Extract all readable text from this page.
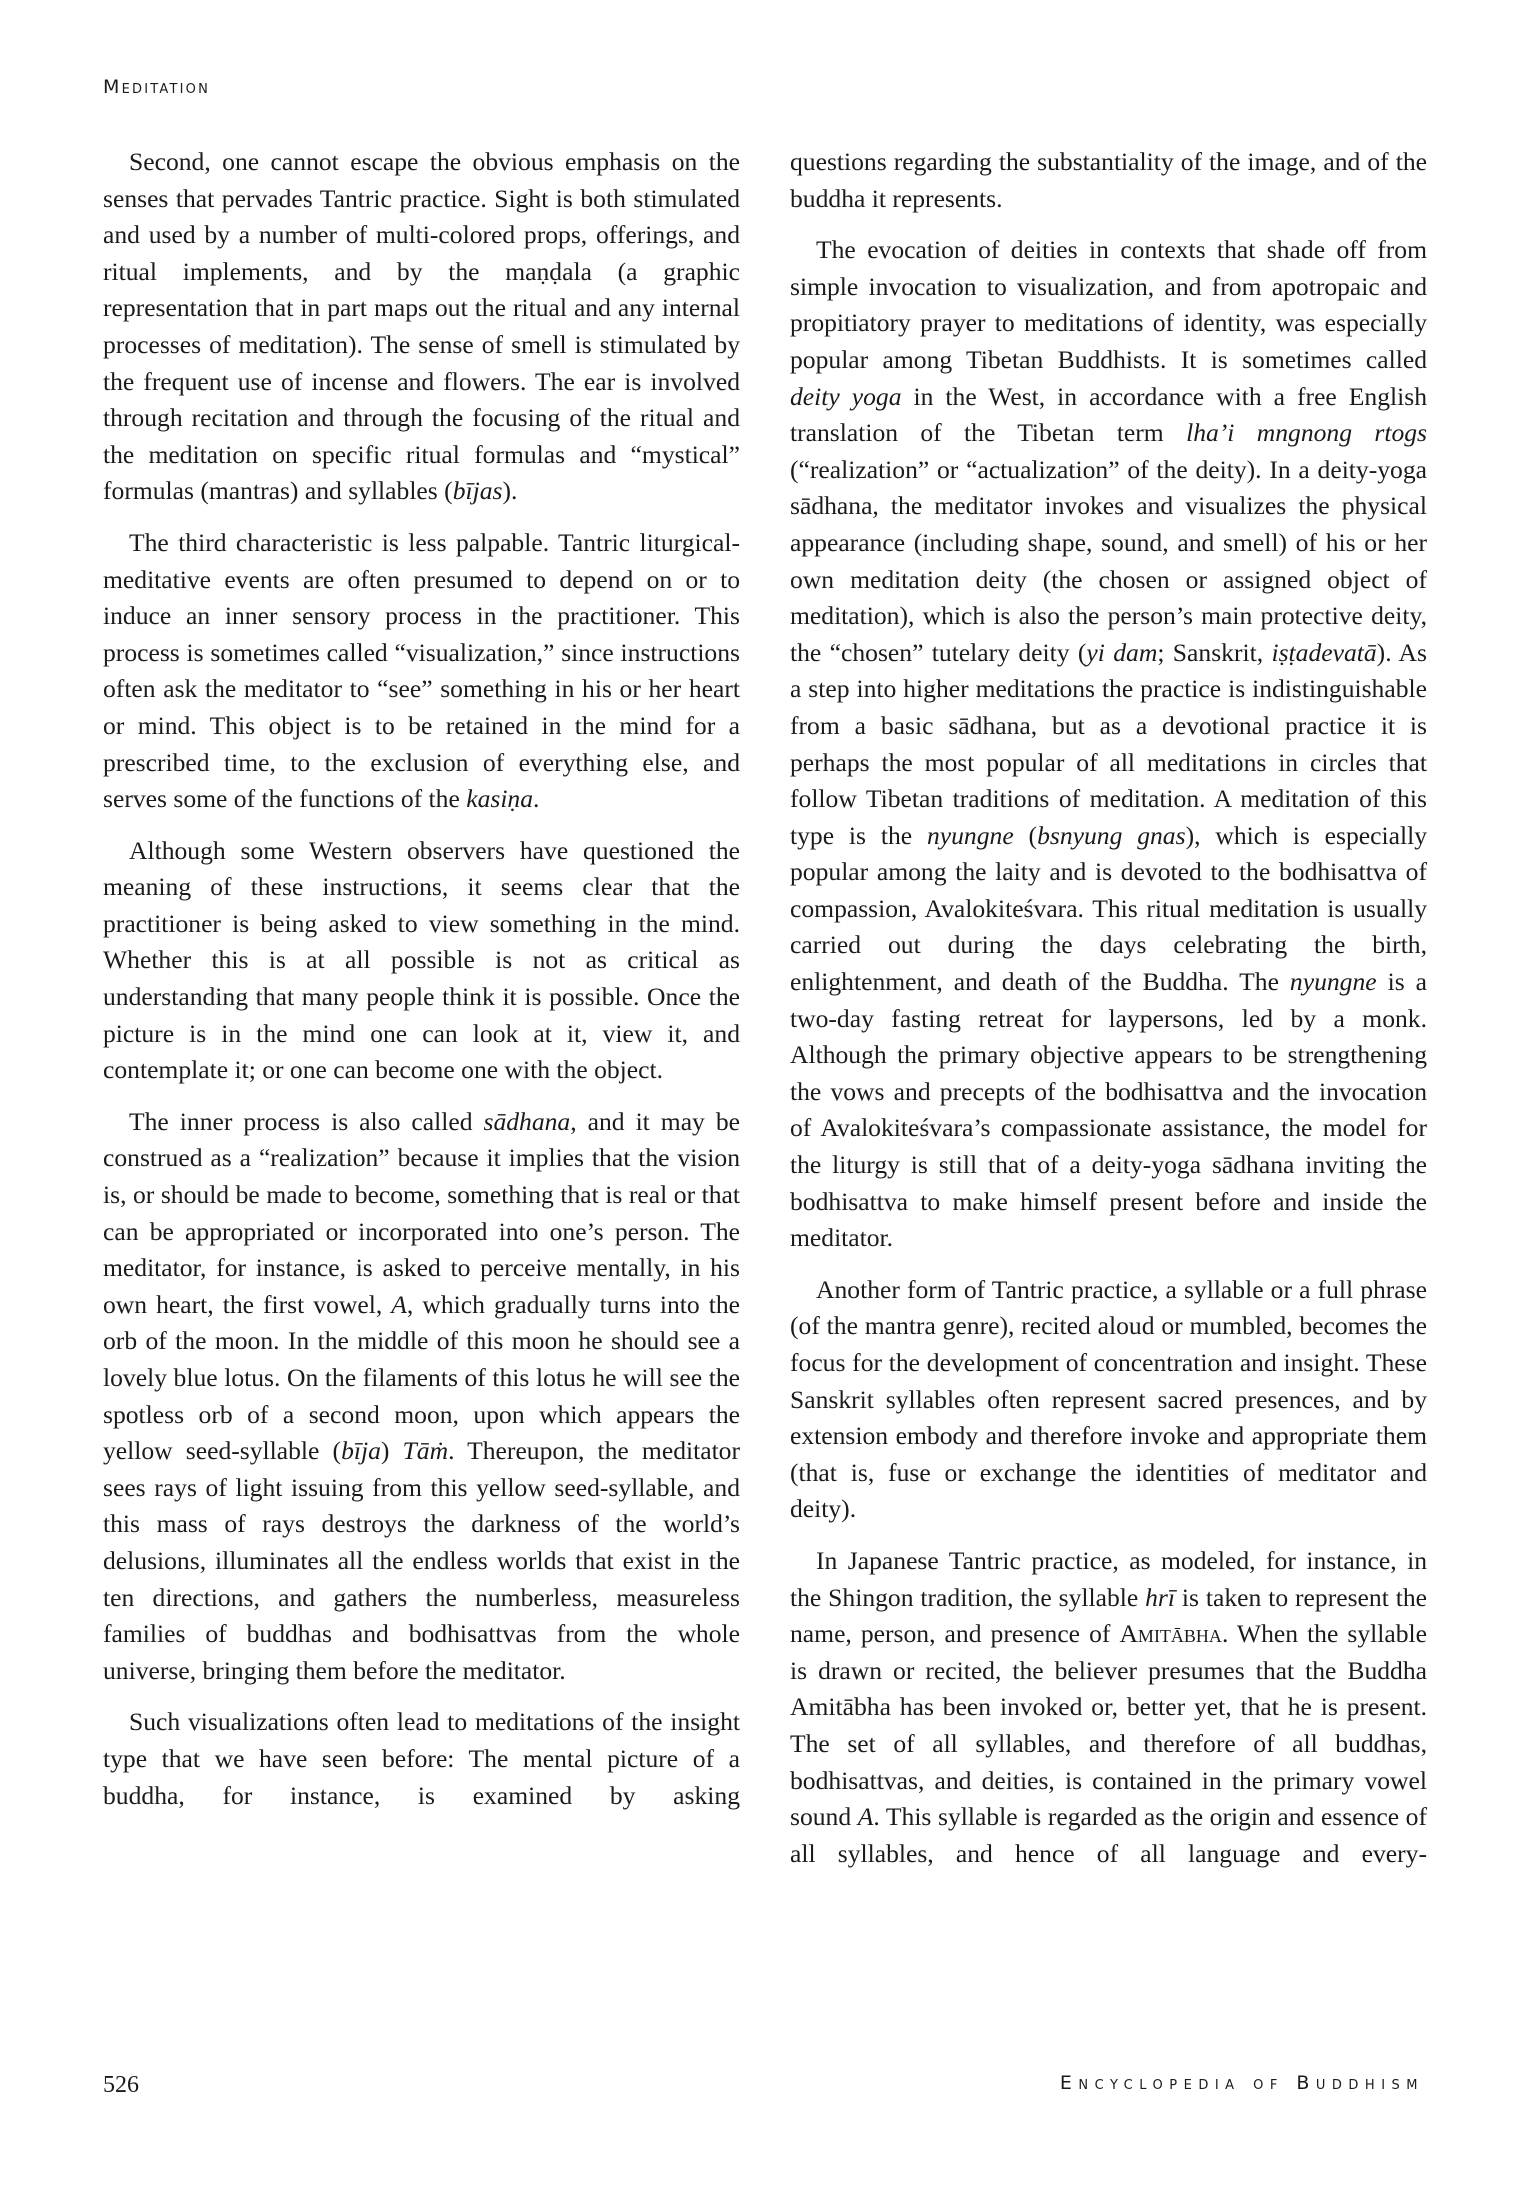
Meditation

Second, one cannot escape the obvious emphasis on the senses that pervades Tantric practice. Sight is both stimulated and used by a number of multi-colored props, offerings, and ritual implements, and by the maṇḍala (a graphic representation that in part maps out the ritual and any internal processes of meditation). The sense of smell is stimulated by the frequent use of incense and flowers. The ear is involved through recitation and through the focusing of the ritual and the meditation on specific ritual formulas and “mystical” formulas (mantras) and syllables (bījas).

The third characteristic is less palpable. Tantric liturgical-meditative events are often presumed to depend on or to induce an inner sensory process in the practitioner. This process is sometimes called “visualization,” since instructions often ask the meditator to “see” something in his or her heart or mind. This object is to be retained in the mind for a prescribed time, to the exclusion of everything else, and serves some of the functions of the kasiṇa.

Although some Western observers have questioned the meaning of these instructions, it seems clear that the practitioner is being asked to view something in the mind. Whether this is at all possible is not as critical as understanding that many people think it is possible. Once the picture is in the mind one can look at it, view it, and contemplate it; or one can become one with the object.

The inner process is also called sādhana, and it may be construed as a “realization” because it implies that the vision is, or should be made to become, something that is real or that can be appropriated or incorporated into one’s person. The meditator, for instance, is asked to perceive mentally, in his own heart, the first vowel, A, which gradually turns into the orb of the moon. In the middle of this moon he should see a lovely blue lotus. On the filaments of this lotus he will see the spotless orb of a second moon, upon which appears the yellow seed-syllable (bīja) Tāṁ. Thereupon, the meditator sees rays of light issuing from this yellow seed-syllable, and this mass of rays destroys the darkness of the world’s delusions, illuminates all the endless worlds that exist in the ten directions, and gathers the numberless, measureless families of buddhas and bodhisattvas from the whole universe, bringing them before the meditator.

Such visualizations often lead to meditations of the insight type that we have seen before: The mental picture of a buddha, for instance, is examined by asking

questions regarding the substantiality of the image, and of the buddha it represents.

The evocation of deities in contexts that shade off from simple invocation to visualization, and from apotropaic and propitiatory prayer to meditations of identity, was especially popular among Tibetan Buddhists. It is sometimes called deity yoga in the West, in accordance with a free English translation of the Tibetan term lha’i mngnong rtogs (“realization” or “actualization” of the deity). In a deity-yoga sādhana, the meditator invokes and visualizes the physical appearance (including shape, sound, and smell) of his or her own meditation deity (the chosen or assigned object of meditation), which is also the person’s main protective deity, the “chosen” tutelary deity (yi dam; Sanskrit, iṣṭadevatā). As a step into higher meditations the practice is indistinguishable from a basic sādhana, but as a devotional practice it is perhaps the most popular of all meditations in circles that follow Tibetan traditions of meditation. A meditation of this type is the nyungne (bsnyung gnas), which is especially popular among the laity and is devoted to the bodhisattva of compassion, Avalokiteśvara. This ritual meditation is usually carried out during the days celebrating the birth, enlightenment, and death of the Buddha. The nyungne is a two-day fasting retreat for laypersons, led by a monk. Although the primary objective appears to be strengthening the vows and precepts of the bodhisattva and the invocation of Avalokiteśvara’s compassionate assistance, the model for the liturgy is still that of a deity-yoga sādhana inviting the bodhisattva to make himself present before and inside the meditator.

Another form of Tantric practice, a syllable or a full phrase (of the mantra genre), recited aloud or mumbled, becomes the focus for the development of concentration and insight. These Sanskrit syllables often represent sacred presences, and by extension embody and therefore invoke and appropriate them (that is, fuse or exchange the identities of meditator and deity).

In Japanese Tantric practice, as modeled, for instance, in the Shingon tradition, the syllable hrī is taken to represent the name, person, and presence of Amitābha. When the syllable is drawn or recited, the believer presumes that the Buddha Amitābha has been invoked or, better yet, that he is present. The set of all syllables, and therefore of all buddhas, bodhisattvas, and deities, is contained in the primary vowel sound A. This syllable is regarded as the origin and essence of all syllables, and hence of all language and every-

526	Encyclopedia of Buddhism
